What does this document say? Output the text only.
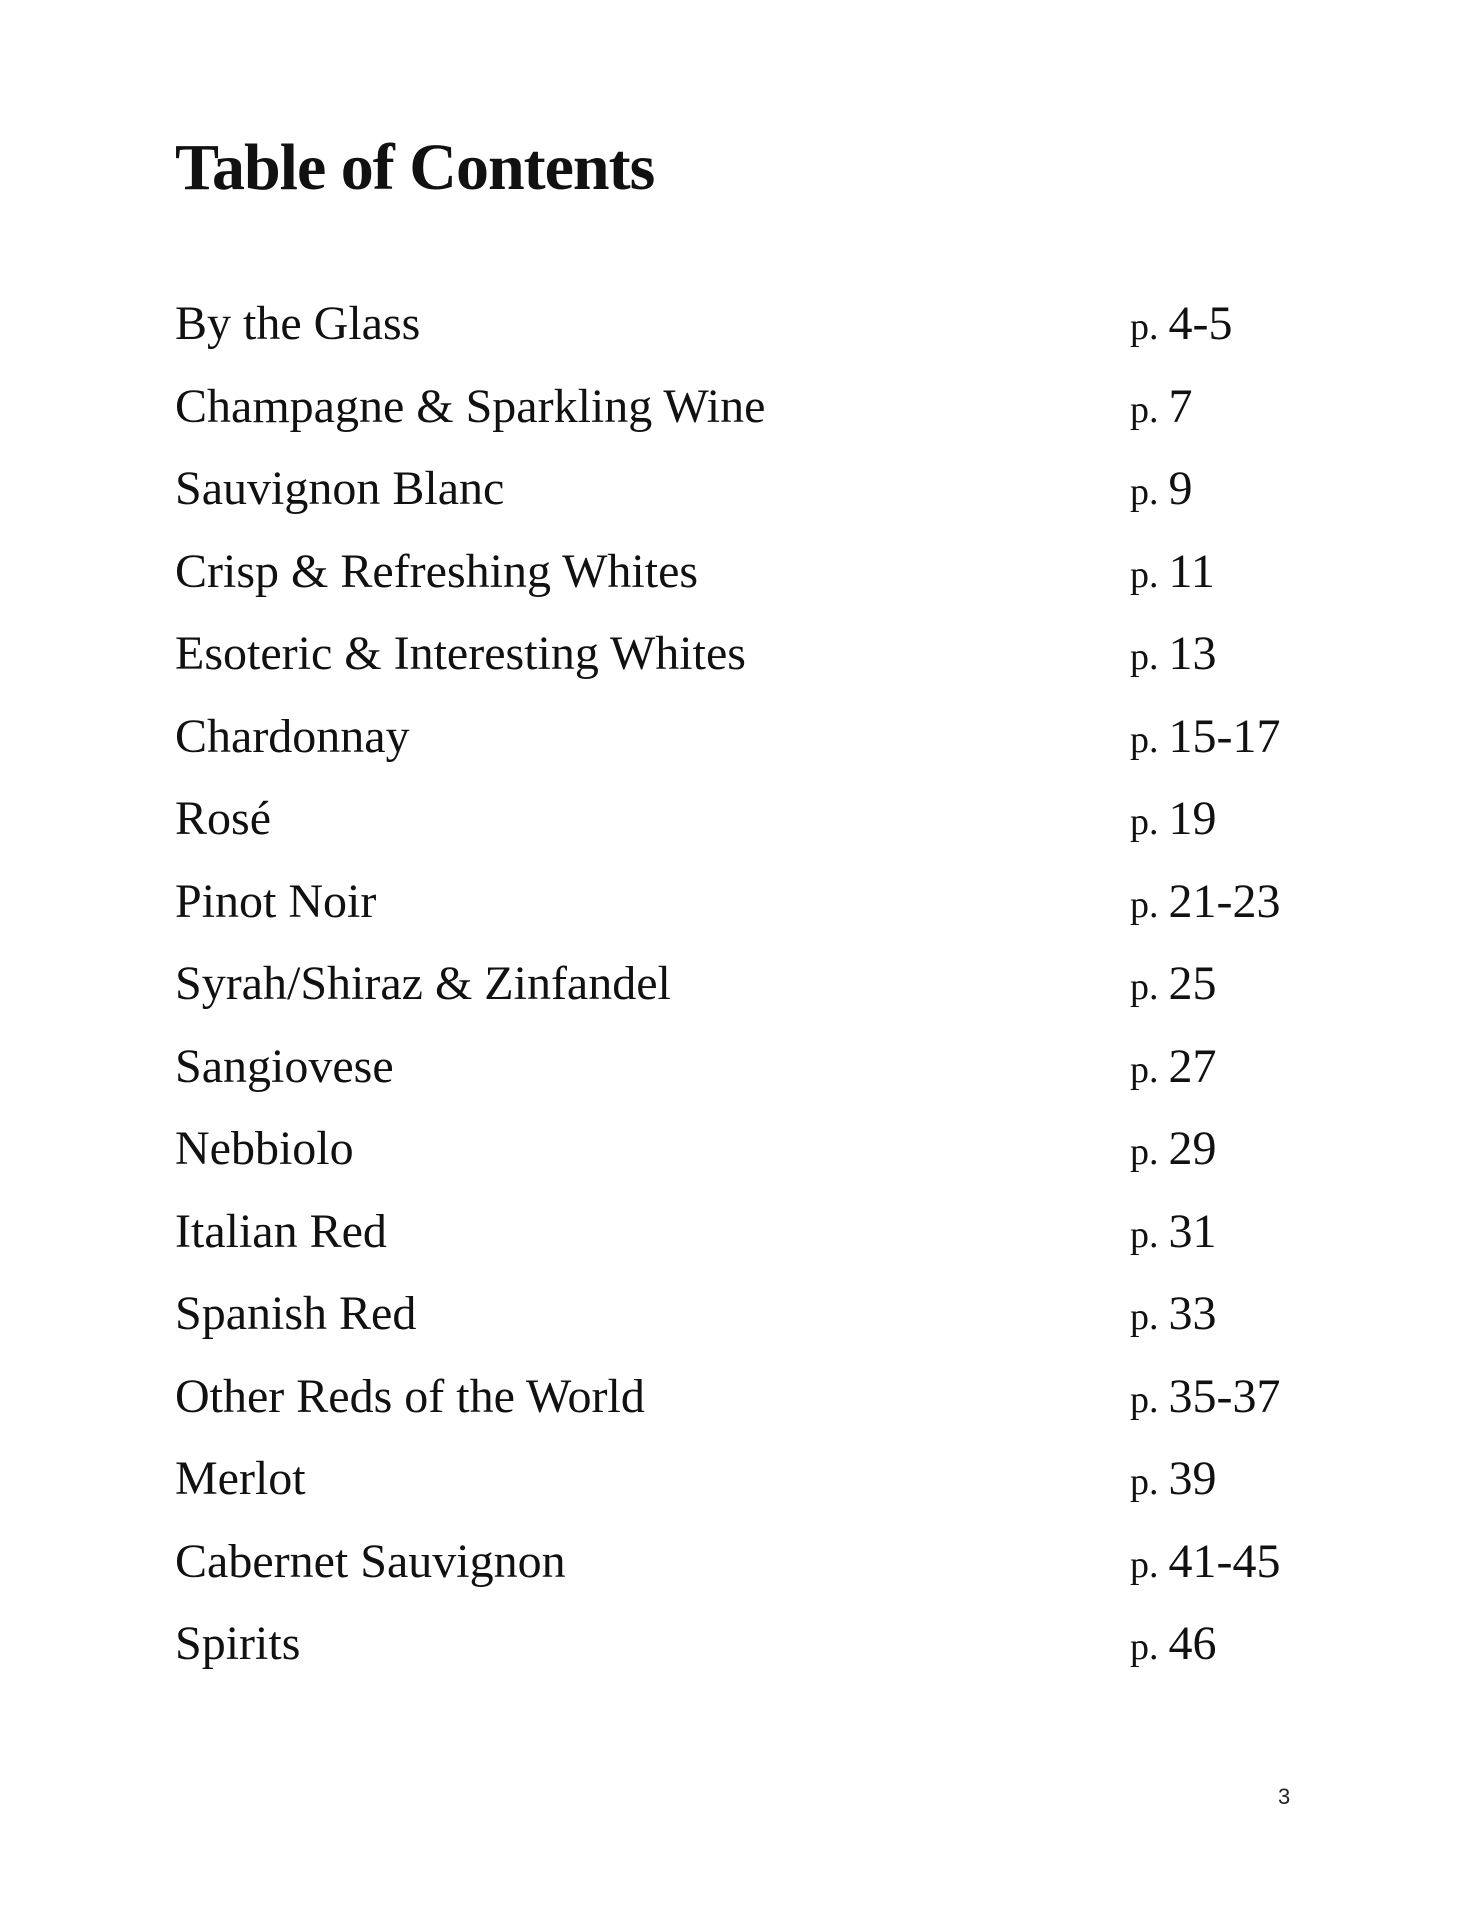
Table of Contents
By the Glass	p. 4-5
Champagne & Sparkling Wine	p. 7
Sauvignon Blanc	p. 9
Crisp & Refreshing Whites	p. 11
Esoteric & Interesting Whites	p. 13
Chardonnay	p. 15-17
Rosé	p. 19
Pinot Noir	p. 21-23
Syrah/Shiraz & Zinfandel	p. 25
Sangiovese	p. 27
Nebbiolo	p. 29
Italian Red	p. 31
Spanish Red	p. 33
Other Reds of the World	p. 35-37
Merlot	p. 39
Cabernet Sauvignon	p. 41-45
Spirits	p. 46
3
